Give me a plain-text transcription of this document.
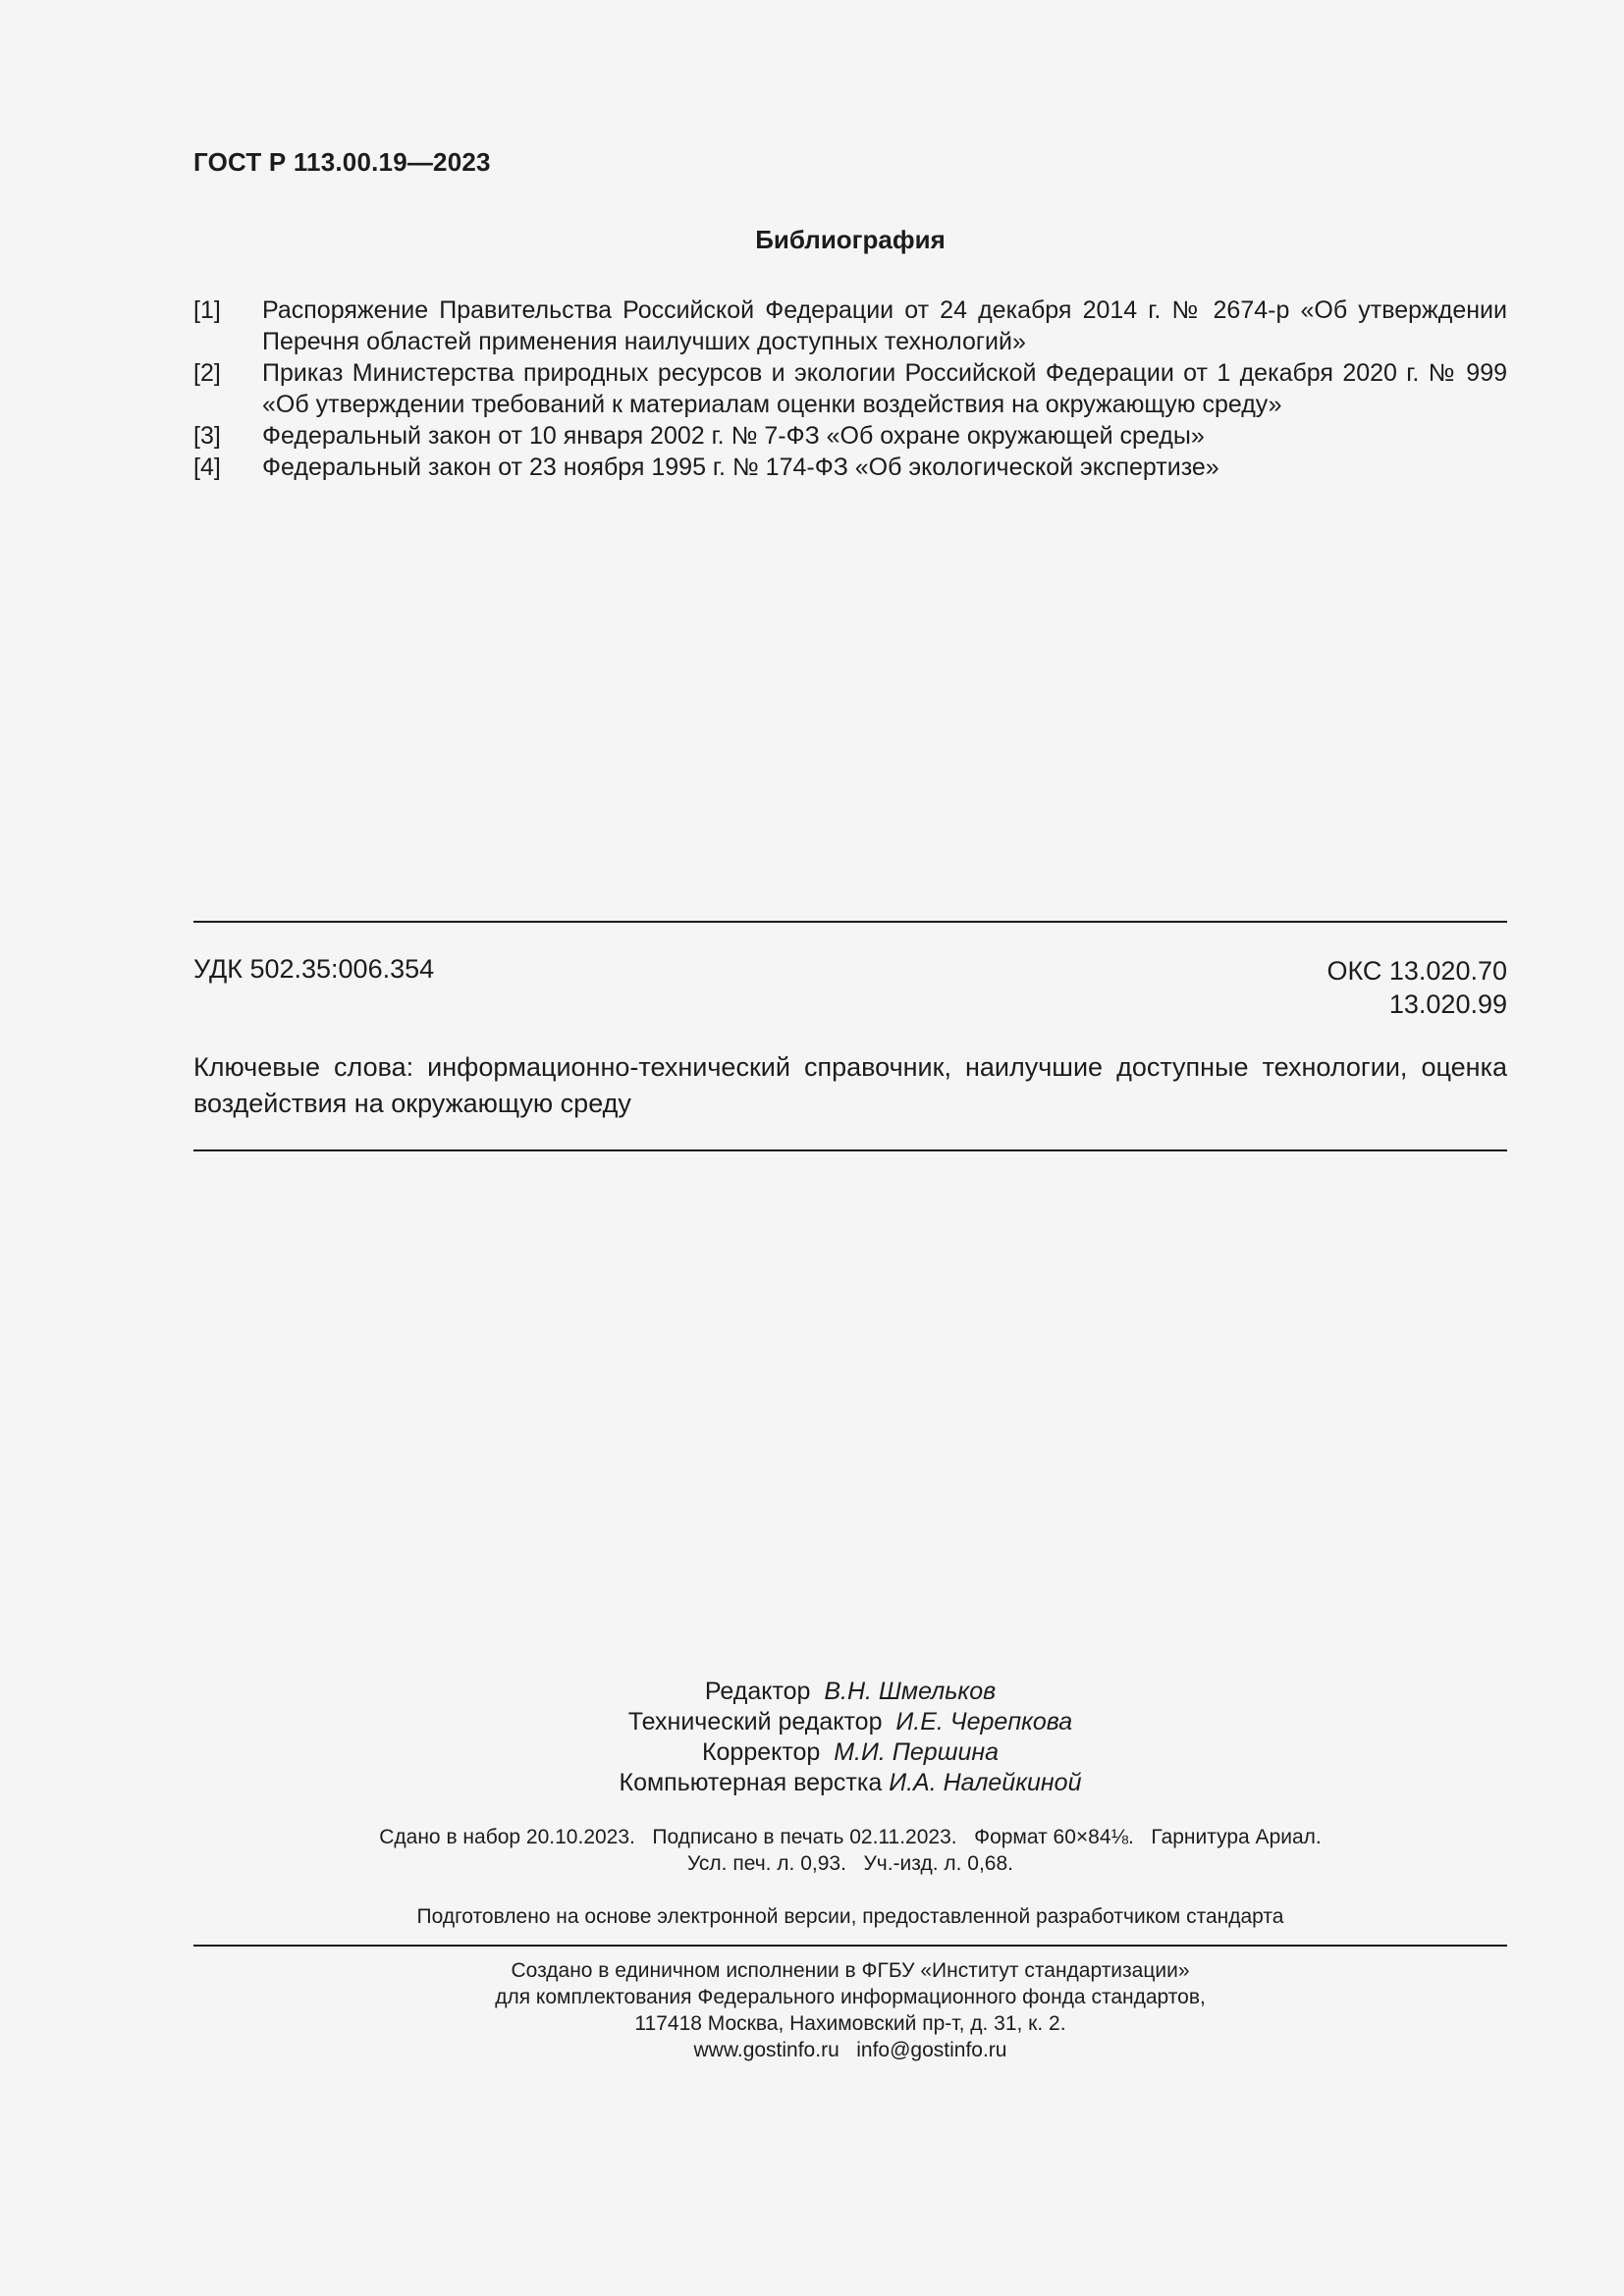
ГОСТ Р 113.00.19—2023
Библиография
[1]	Распоряжение Правительства Российской Федерации от 24 декабря 2014 г. № 2674-р «Об утверждении Перечня областей применения наилучших доступных технологий»
[2]	Приказ Министерства природных ресурсов и экологии Российской Федерации от 1 декабря 2020 г. № 999 «Об утверждении требований к материалам оценки воздействия на окружающую среду»
[3]	Федеральный закон от 10 января 2002 г. № 7-ФЗ «Об охране окружающей среды»
[4]	Федеральный закон от 23 ноября 1995 г. № 174-ФЗ «Об экологической экспертизе»
УДК 502.35:006.354	ОКС 13.020.70
13.020.99
Ключевые слова: информационно-технический справочник, наилучшие доступные технологии, оценка воздействия на окружающую среду
Редактор В.Н. Шмельков
Технический редактор И.Е. Черепкова
Корректор М.И. Першина
Компьютерная верстка И.А. Налейкиной
Сдано в набор 20.10.2023.   Подписано в печать 02.11.2023.   Формат 60×84⅛.   Гарнитура Ариал.
Усл. печ. л. 0,93.   Уч.-изд. л. 0,68.
Подготовлено на основе электронной версии, предоставленной разработчиком стандарта
Создано в единичном исполнении в ФГБУ «Институт стандартизации»
для комплектования Федерального информационного фонда стандартов,
117418 Москва, Нахимовский пр-т, д. 31, к. 2.
www.gostinfo.ru   info@gostinfo.ru
